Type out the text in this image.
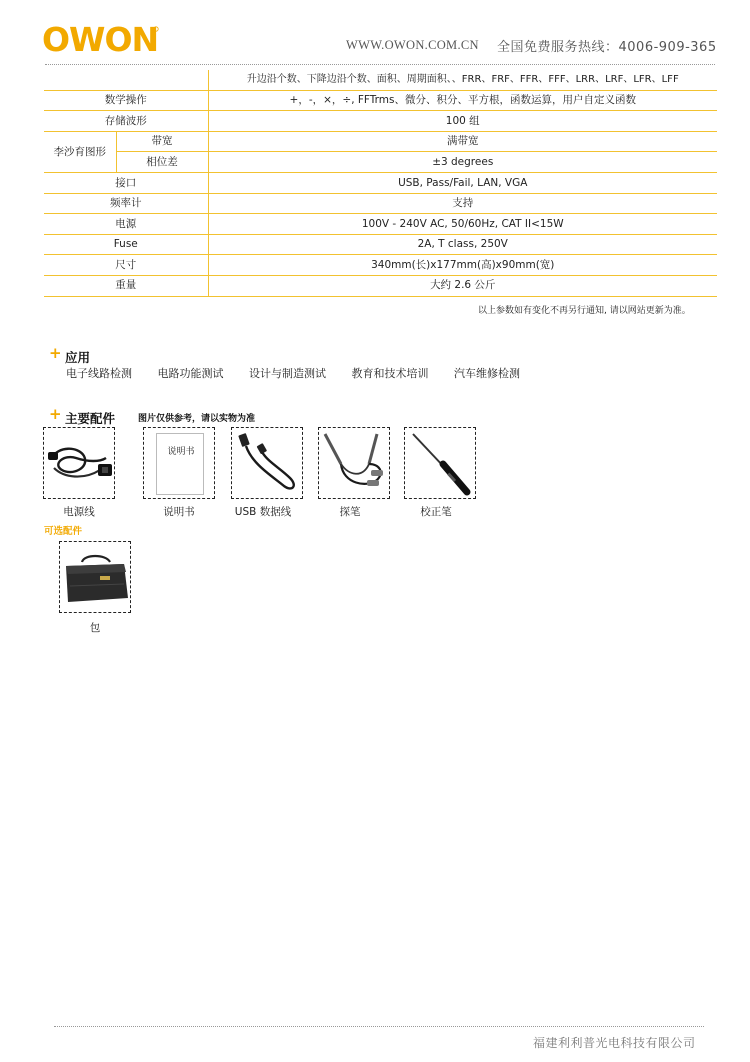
OWON	WWW.OWON.COM.CN 全国免费服务热线：4006-909-365
		升边沿个数、下降边沿个数、面积、周期面积、、FRR、FRF、FFR、FFF、LRR、LRF、LFR、LFF
数学操作		+，-，×，÷, FFTrms、微分、积分、平方根，函数运算，用户自定义函数
存储波形		100 组
李沙育图形	带宽	满带宽
	相位差	±3 degrees
接口		USB, Pass/Fail, LAN, VGA
频率计		支持
电源		100V - 240V AC, 50/60Hz, CAT II<15W
Fuse		2A, T class, 250V
尺寸		340mm(长)x177mm(高)x90mm(宽)
重量		大约 2.6 公斤
以上参数如有变化不再另行通知, 请以网站更新为准。
+ 应用
电子线路检测 电路功能测试 设计与制造测试 教育和技术培训 汽车维修检测
+ 主要配件	图片仅供参考，请以实物为准
电源线
说明书
说明书	USB 数据线	探笔	校正笔
可选配件
包
福建利利普光电科技有限公司
